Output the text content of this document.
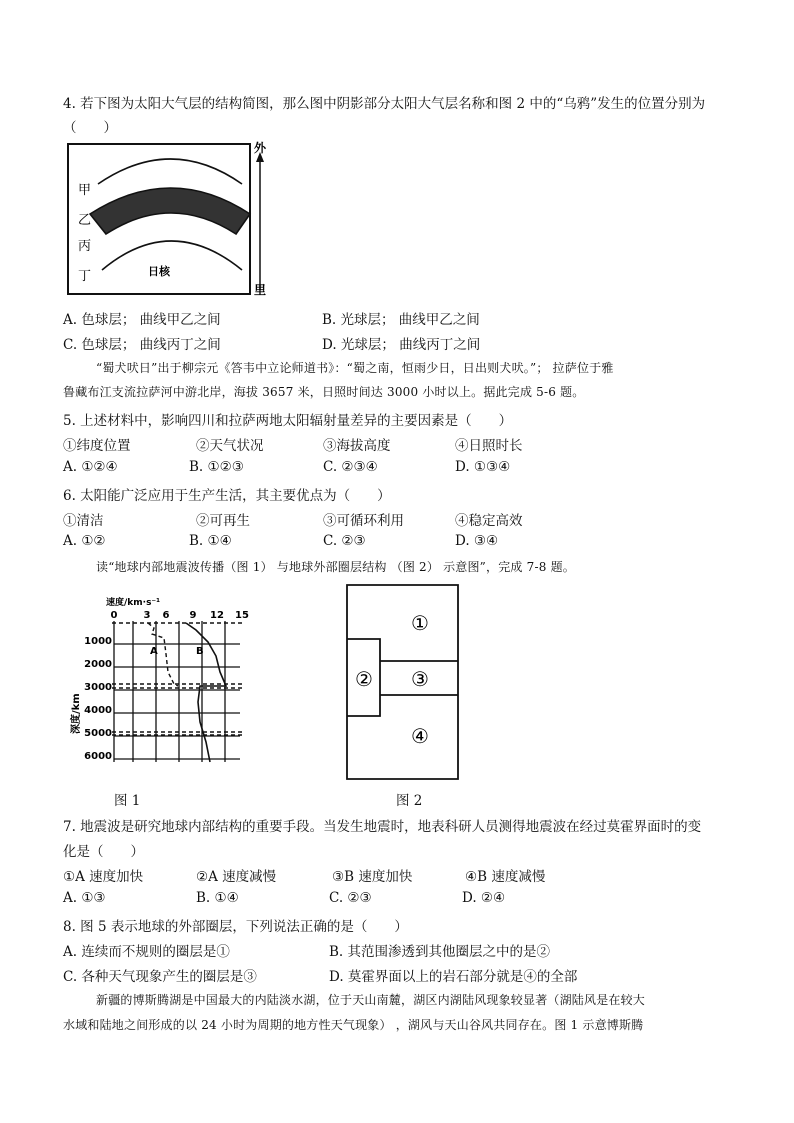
4. 若下图为太阳大气层的结构简图，那么图中阴影部分太阳大气层名称和图 2 中的“乌鸦”发生的位置分别为
（　　）
甲
乙
丙
丁	日核
外
里
A. 色球层； 曲线甲乙之间	B. 光球层； 曲线甲乙之间
C. 色球层； 曲线丙丁之间	D. 光球层； 曲线丙丁之间
“蜀犬吠日”出于柳宗元《答韦中立论师道书》：“蜀之南，恒雨少日，日出则犬吠。”； 拉萨位于雅
鲁藏布江支流拉萨河中游北岸，海拔 3657 米，日照时间达 3000 小时以上。据此完成 5-6 题。
5. 上述材料中，影响四川和拉萨两地太阳辐射量差异的主要因素是（　　）
①纬度位置	②天气状况	③海拔高度	④日照时长
A. ①②④	B. ①②③	C. ②③④	D. ①③④
6. 太阳能广泛应用于生产生活，其主要优点为（　　）
①清洁	②可再生	③可循环利用	④稳定高效
A. ①②	B. ①④	C. ②③	D. ③④
读“地球内部地震波传播（图 1） 与地球外部圈层结构 （图 2） 示意图”，完成 7-8 题。
速度/km·s⁻¹
0	3 6 9 12 15
1000
2000
3000
4000
5000
6000
深度/km
A	B
图 1
①
② ③
④
图 2
7. 地震波是研究地球内部结构的重要手段。当发生地震时，地表科研人员测得地震波在经过莫霍界面时的变
化是（　　）
①A 速度加快	②A 速度减慢	③B 速度加快	④B 速度减慢
A. ①③	B. ①④	C. ②③	D. ②④
8. 图 5 表示地球的外部圈层，下列说法正确的是（　　）
A. 连续而不规则的圈层是①	B. 其范围渗透到其他圈层之中的是②
C. 各种天气现象产生的圈层是③	D. 莫霍界面以上的岩石部分就是④的全部
新疆的博斯腾湖是中国最大的内陆淡水湖，位于天山南麓，湖区内湖陆风现象较显著（湖陆风是在较大
水域和陆地之间形成的以 24 小时为周期的地方性天气现象） ，湖风与天山谷风共同存在。图 1 示意博斯腾
